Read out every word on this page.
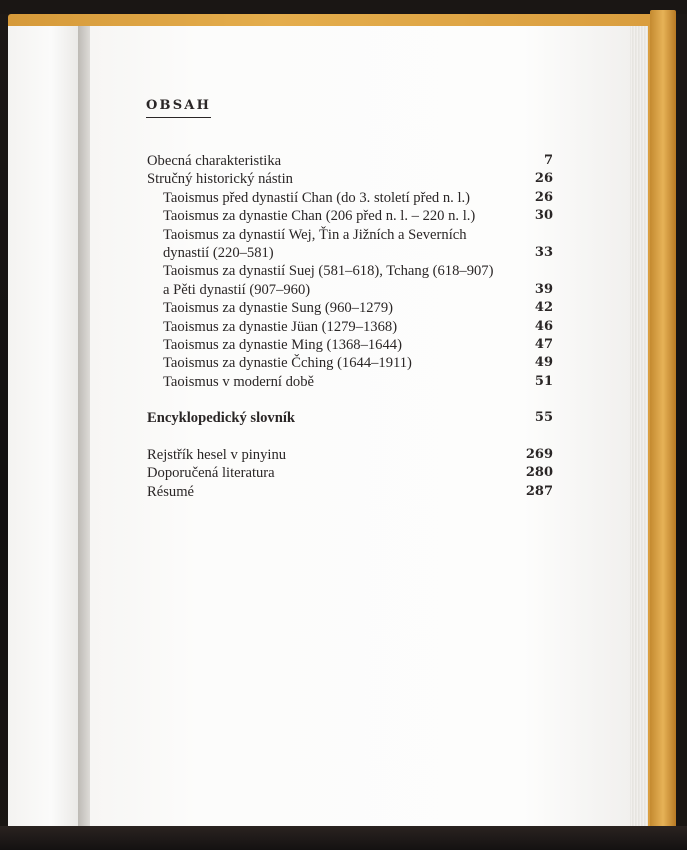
OBSAH
Obecná charakteristika	7
Stručný historický nástin	26
Taoismus před dynastií Chan (do 3. století před n. l.)	26
Taoismus za dynastie Chan (206 před n. l. – 220 n. l.)	30
Taoismus za dynastií Wej, Ťin a Jižních a Severních
dynastií (220–581)	33
Taoismus za dynastií Suej (581–618), Tchang (618–907)
a Pěti dynastií (907–960)	39
Taoismus za dynastie Sung (960–1279)	42
Taoismus za dynastie Jüan (1279–1368)	46
Taoismus za dynastie Ming (1368–1644)	47
Taoismus za dynastie Čching (1644–1911)	49
Taoismus v moderní době	51
Encyklopedický slovník	55
Rejstřík hesel v pinyinu	269
Doporučená literatura	280
Résumé	287
